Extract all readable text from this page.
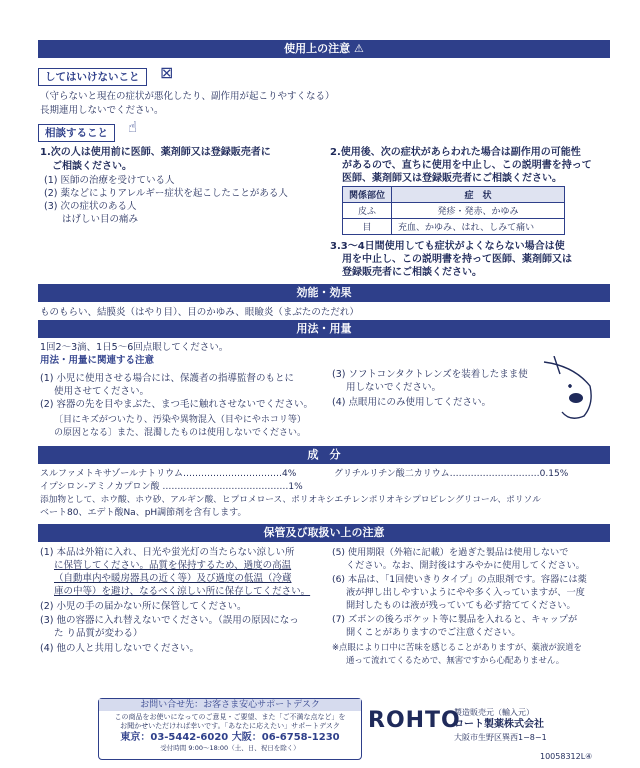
使用上の注意 ⚠
してはいけないこと	⊠
（守らないと現在の症状が悪化したり、副作用が起こりやすくなる）
長期連用しないでください。
相談すること	☝
1.次の人は使用前に医師、薬剤師又は登録販売者に
ご相談ください。
(1) 医師の治療を受けている人
(2) 薬などによりアレルギー症状を起こしたことがある人
(3) 次の症状のある人
はげしい目の痛み
2.使用後、次の症状があらわれた場合は副作用の可能性
があるので、直ちに使用を中止し、この説明書を持って
医師、薬剤師又は登録販売者にご相談ください。
関係部位	症　状
皮ふ	発疹・発赤、かゆみ
目	充血、かゆみ、はれ、しみて痛い
3.3〜4日間使用しても症状がよくならない場合は使
用を中止し、この説明書を持って医師、薬剤師又は
登録販売者にご相談ください。
効能・効果
ものもらい、結膜炎（はやり目）、目のかゆみ、眼瞼炎（まぶたのただれ）
用法・用量
1回2〜3滴、1日5〜6回点眼してください。
用法・用量に関連する注意
(1) 小児に使用させる場合には、保護者の指導監督のもとに
使用させてください。
(2) 容器の先を目やまぶた、まつ毛に触れさせないでください。
〔目にキズがついたり、汚染や異物混入（目やにやホコリ等）
の原因となる〕また、混濁したものは使用しないでください。
(3) ソフトコンタクトレンズを装着したまま使
用しないでください。
(4) 点眼用にのみ使用してください。
成　分
スルファメトキサゾールナトリウム……………………………4%	グリチルリチン酸二カリウム…………………………0.15%
イプシロン-アミノカプロン酸 ……………………………………1%
添加物として、ホウ酸、ホウ砂、アルギン酸、ヒプロメロース、ポリオキシエチレンポリオキシプロピレングリコール、ポリソル
ベート80、エデト酸Na、pH調節剤を含有します。
保管及び取扱い上の注意
(1) 本品は外箱に入れ、日光や蛍光灯の当たらない涼しい所
に保管してください。品質を保持するため、過度の高温
（自動車内や暖房器具の近く等）及び過度の低温（冷蔵
庫の中等）を避け、なるべく涼しい所に保存してください。
(2) 小児の手の届かない所に保管してください。
(3) 他の容器に入れ替えないでください。（誤用の原因になっ
た り品質が変わる）
(4) 他の人と共用しないでください。
(5) 使用期限（外箱に記載）を過ぎた製品は使用しないで
ください。なお、開封後はすみやかに使用してください。
(6) 本品は、「1回使いきりタイプ」の点眼剤です。容器には薬
液が押し出しやすいようにやや多く入っていますが、一度
開封したものは液が残っていても必ず捨ててください。
(7) ズボンの後ろポケット等に製品を入れると、キャップが
開くことがありますのでご注意ください。
※点眼により口中に苦味を感じることがありますが、薬液が涙道を
通って流れてくるためで、無害ですから心配ありません。
お問い合せ先：お客さま安心サポートデスク
この商品をお使いになってのご意見・ご要望、また「ご不満な点など」を
お聞かせいただければ幸いです。「あなたに応えたい」サポートデスク
東京：03-5442-6020 大阪：06-6758-1230
受付時間 9:00〜18:00（土、日、祝日を除く）
ROHTO
製造販売元（輸入元）
ロート製薬株式会社
大阪市生野区巽西1−8−1
10058312L④
